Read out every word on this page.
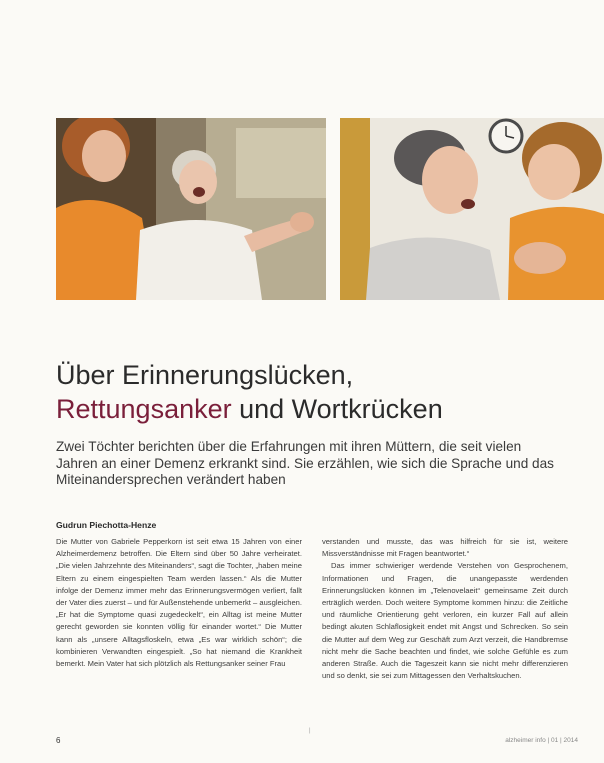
Über Erinnerungslücken,
Rettungsanker und Wortkrücken

Zwei Töchter berichten über die Erfahrungen mit ihren Müttern, die seit vielen Jahren an einer Demenz erkrankt sind. Sie erzählen, wie sich die Sprache und das Miteinandersprechen verändert haben

Gudrun Piechotta-Henze

Die Mutter von Gabriele Pepperkorn ist seit etwa 15 Jahren von einer Alzheimerdemenz betroffen. Die Eltern sind über 50 Jahre verheiratet. „Die vielen Jahrzehnte des Miteinanders“, sagt die Tochter, „haben meine Eltern zu einem eingespielten Team werden lassen.“ Als die Mutter infolge der Demenz immer mehr das Erinnerungsvermögen verliert, fallt der Vater dies zuerst – und für Außenstehende unbemerkt – ausgleichen. „Er hat die Symptome quasi zugedeckelt“, ein Alltag ist meine Mutter gerecht geworden sie konnten völlig für einander wortet.“ Die Mutter kann als „unsere Alltagsfloskeln, etwa „Es war wirklich schön“; die kombinieren Verwandten eingespielt. „So hat niemand die Krankheit bemerkt. Mein Vater hat sich plötzlich als Rettungsanker seiner Frau

verstanden und musste, das was hilfreich für sie ist, weitere Missverständnisse mit Fragen beantwortet.“

Das immer schwieriger werdende Verstehen von Gesprochenem, Informationen und Fragen, die unangepasste werdenden Erinnerungslücken können im „Telenovelaeit“ gemeinsame Zeit durch erträglich werden. Doch weitere Symptome kommen hinzu: die Zeitliche und räumliche Orientierung geht verloren, ein kurzer Fall auf allein bedingt akuten Schlaflosigkeit endet mit Angst und Schrecken. So sein die Mutter auf dem Weg zur Geschäft zum Arzt verzeit, die Handbremse nicht mehr die Sache beachten und findet, wie solche Gefühle es zum anderen Straße. Auch die Tageszeit kann sie nicht mehr differenzieren und so denkt, sie sei zum Mittagessen den Verhaltskuchen.

6
|
alzheimer info | 01 | 2014
